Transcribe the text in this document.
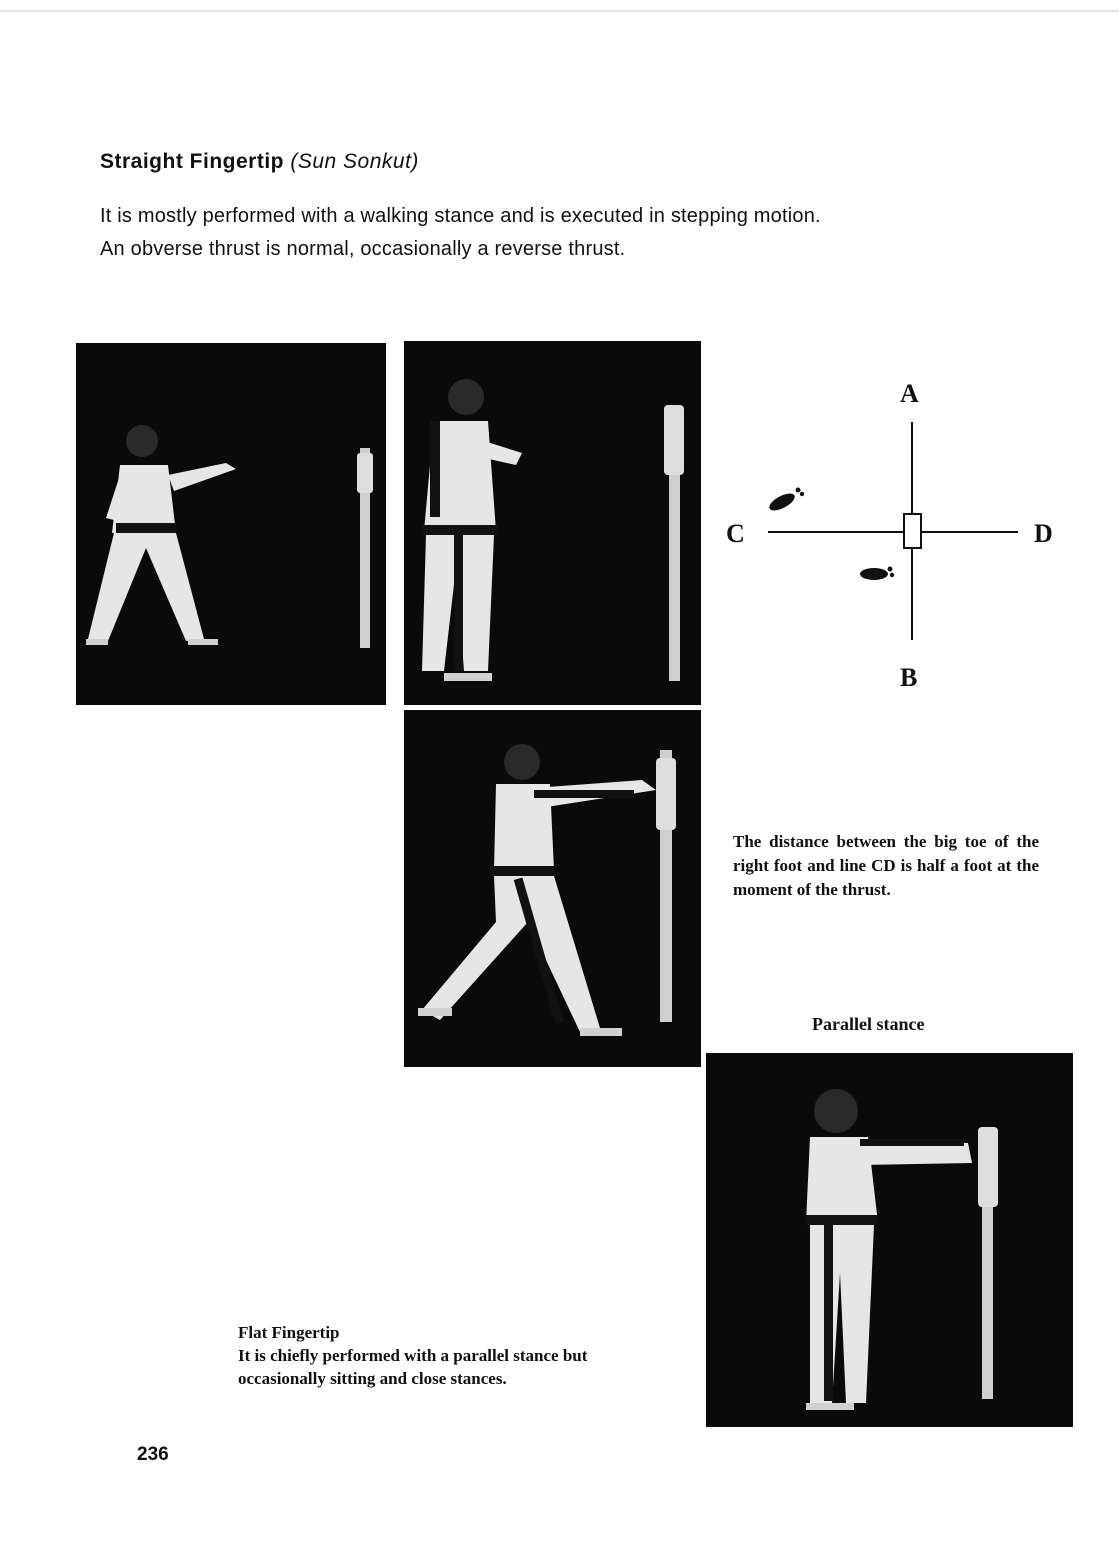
Straight Fingertip (Sun Sonkut)

It is mostly performed with a walking stance and is executed in stepping motion.

An obverse thrust is normal, occasionally a reverse thrust.

A
B
C	D
The distance between the big toe of the right foot and line CD is half a foot at the moment of the thrust.
Parallel stance
Flat Fingertip
It is chiefly performed with a parallel stance but
occasionally sitting and close stances.
236
